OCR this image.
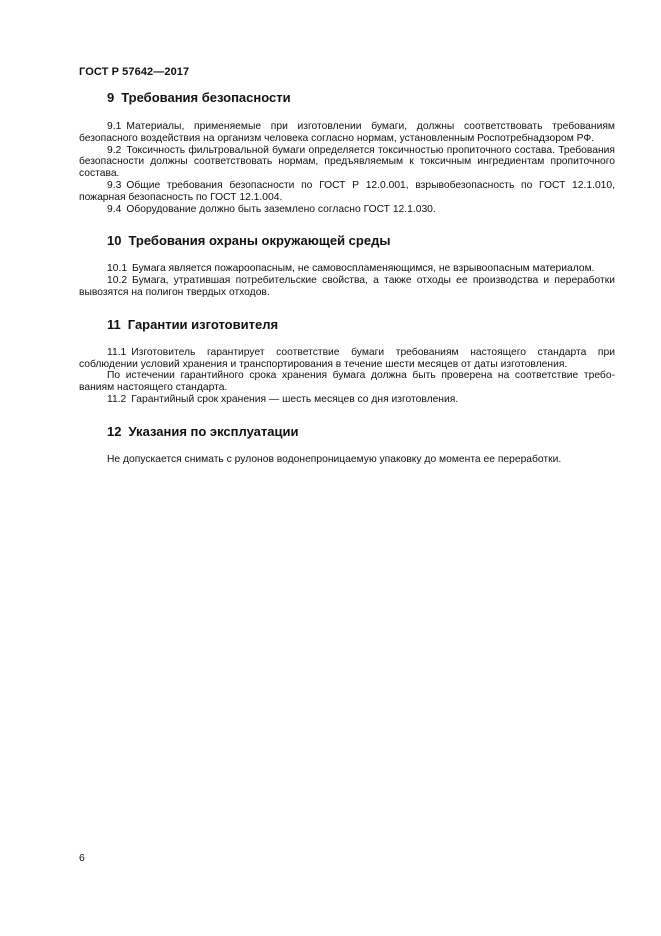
ГОСТ Р 57642—2017
9 Требования безопасности

9.1 Материалы, применяемые при изготовлении бумаги, должны соответствовать требованиям безопасного воздействия на организм человека согласно нормам, установленным Роспотребнадзором РФ.

9.2 Токсичность фильтровальной бумаги определяется токсичностью пропиточного состава. Требования безопасности должны соответствовать нормам, предъявляемым к токсичным ингредиентам пропиточного состава.

9.3 Общие требования безопасности по ГОСТ Р 12.0.001, взрывобезопасность по ГОСТ 12.1.010, пожарная безопасность по ГОСТ 12.1.004.

9.4 Оборудование должно быть заземлено согласно ГОСТ 12.1.030.

10 Требования охраны окружающей среды

10.1 Бумага является пожароопасным, не самовоспламеняющимся, не взрывоопасным материалом.

10.2 Бумага, утратившая потребительские свойства, а также отходы ее производства и переработки вывозятся на полигон твердых отходов.

11 Гарантии изготовителя

11.1 Изготовитель гарантирует соответствие бумаги требованиям настоящего стандарта при соблюдении условий хранения и транспортирования в течение шести месяцев от даты изготовления.

По истечении гарантийного срока хранения бумага должна быть проверена на соответствие требованиям настоящего стандарта.

11.2 Гарантийный срок хранения — шесть месяцев со дня изготовления.

12 Указания по эксплуатации

Не допускается снимать с рулонов водонепроницаемую упаковку до момента ее переработки.

6
